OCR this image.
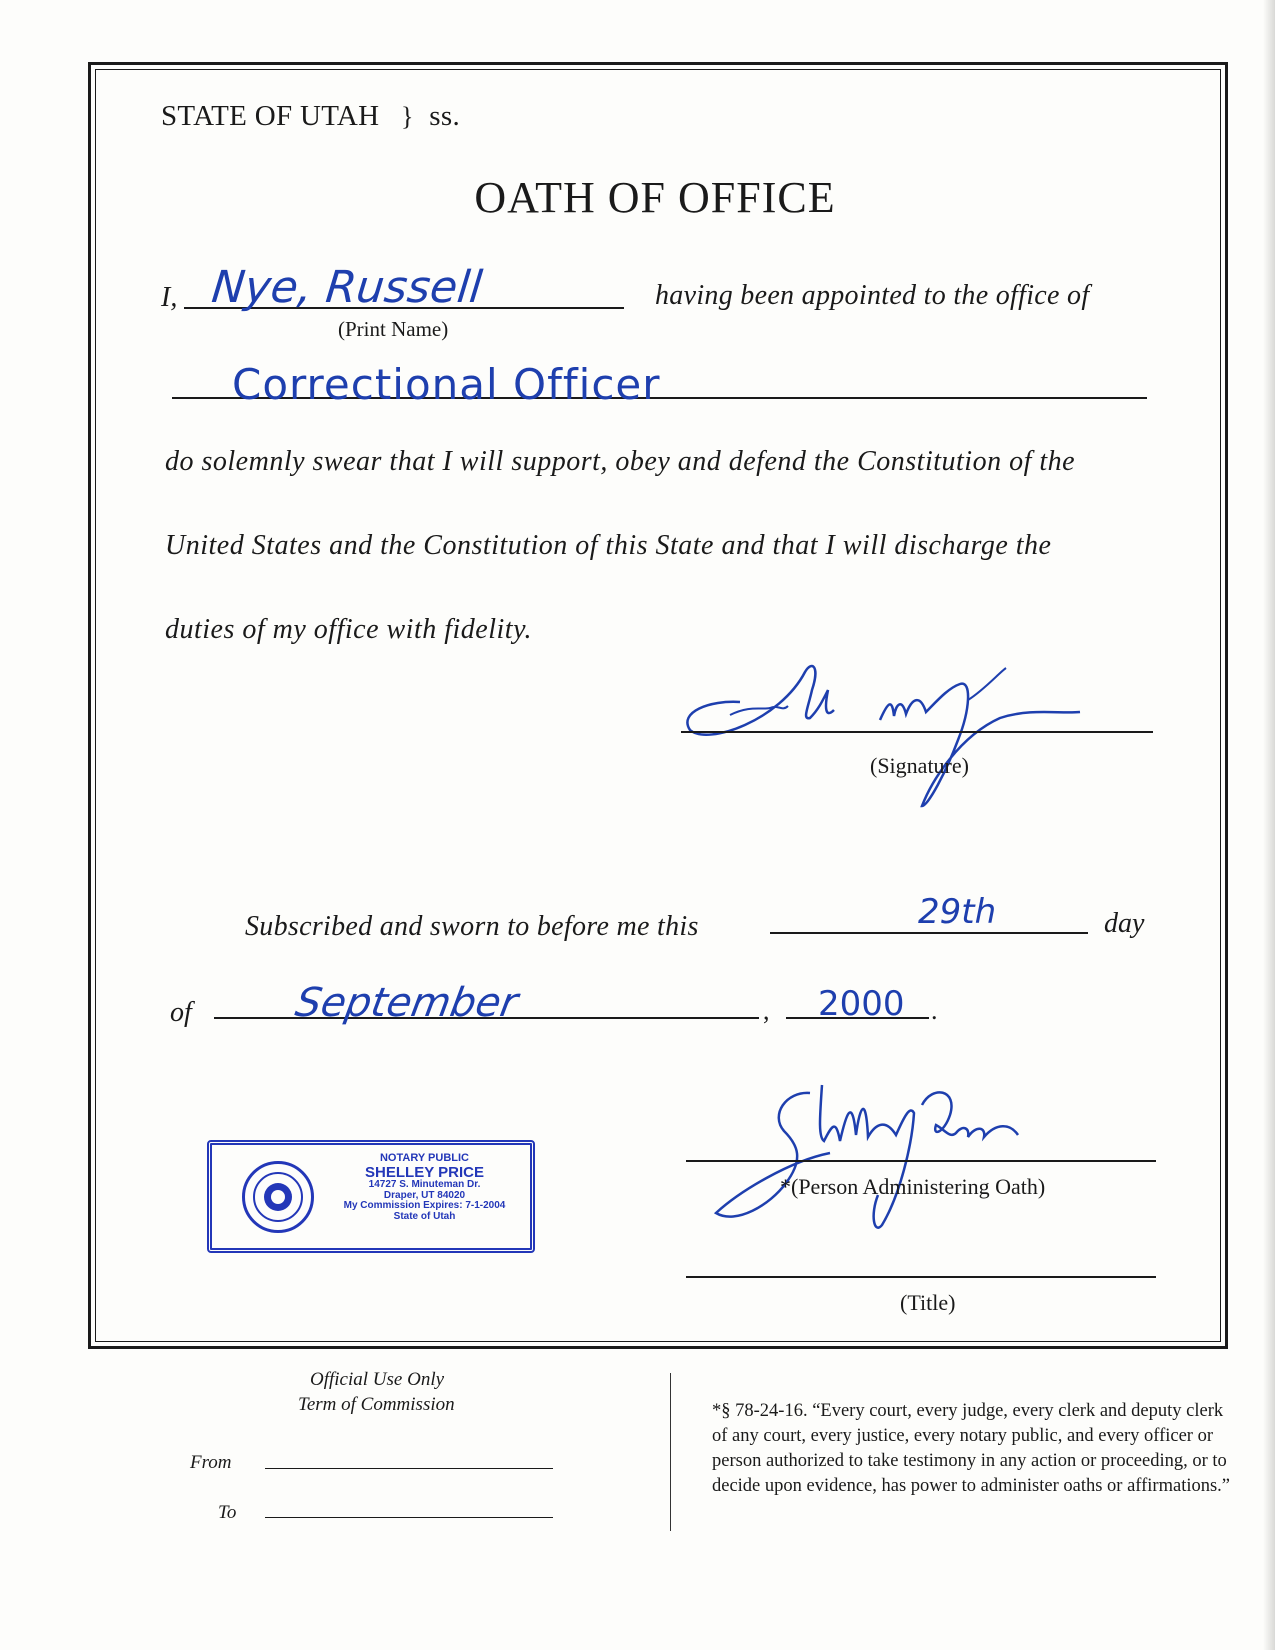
STATE OF UTAH } ss.
OATH OF OFFICE
I, Nye, Russell
(Print Name)
having been appointed to the office of
Correctional Officer
do solemnly swear that I will support, obey and defend the Constitution of the
United States and the Constitution of this State and that I will discharge the
duties of my office with fidelity.
(Signature)
Subscribed and sworn to before me this	29th	day
of	September	, 2000 .
NOTARY PUBLIC
SHELLEY PRICE
14727 S. Minuteman Dr.
Draper, UT 84020
My Commission Expires: 7-1-2004
State of Utah
*(Person Administering Oath)
(Title)
Official Use Only
Term of Commission
From
To
*§ 78-24-16. “Every court, every judge, every clerk and deputy clerk of any court, every justice, every notary public, and every officer or person authorized to take testimony in any action or proceeding, or to decide upon evidence, has power to administer oaths or affirmations.”
